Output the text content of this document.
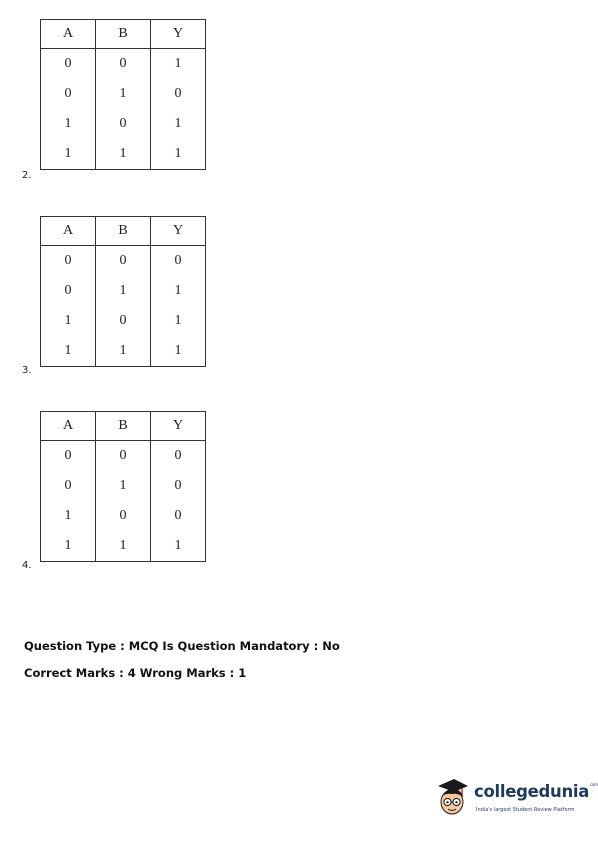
A	B	Y
0	0	1
0	1	0
1	0	1
1	1	1
2.
A	B	Y
0	0	0
0	1	1
1	0	1
1	1	1
3.
A	B	Y
0	0	0
0	1	0
1	0	0
1	1	1
4.
Question Type : MCQ Is Question Mandatory : No
Correct Marks : 4 Wrong Marks : 1
collegedunia$^{.com}$
India's largest Student Review Platform
